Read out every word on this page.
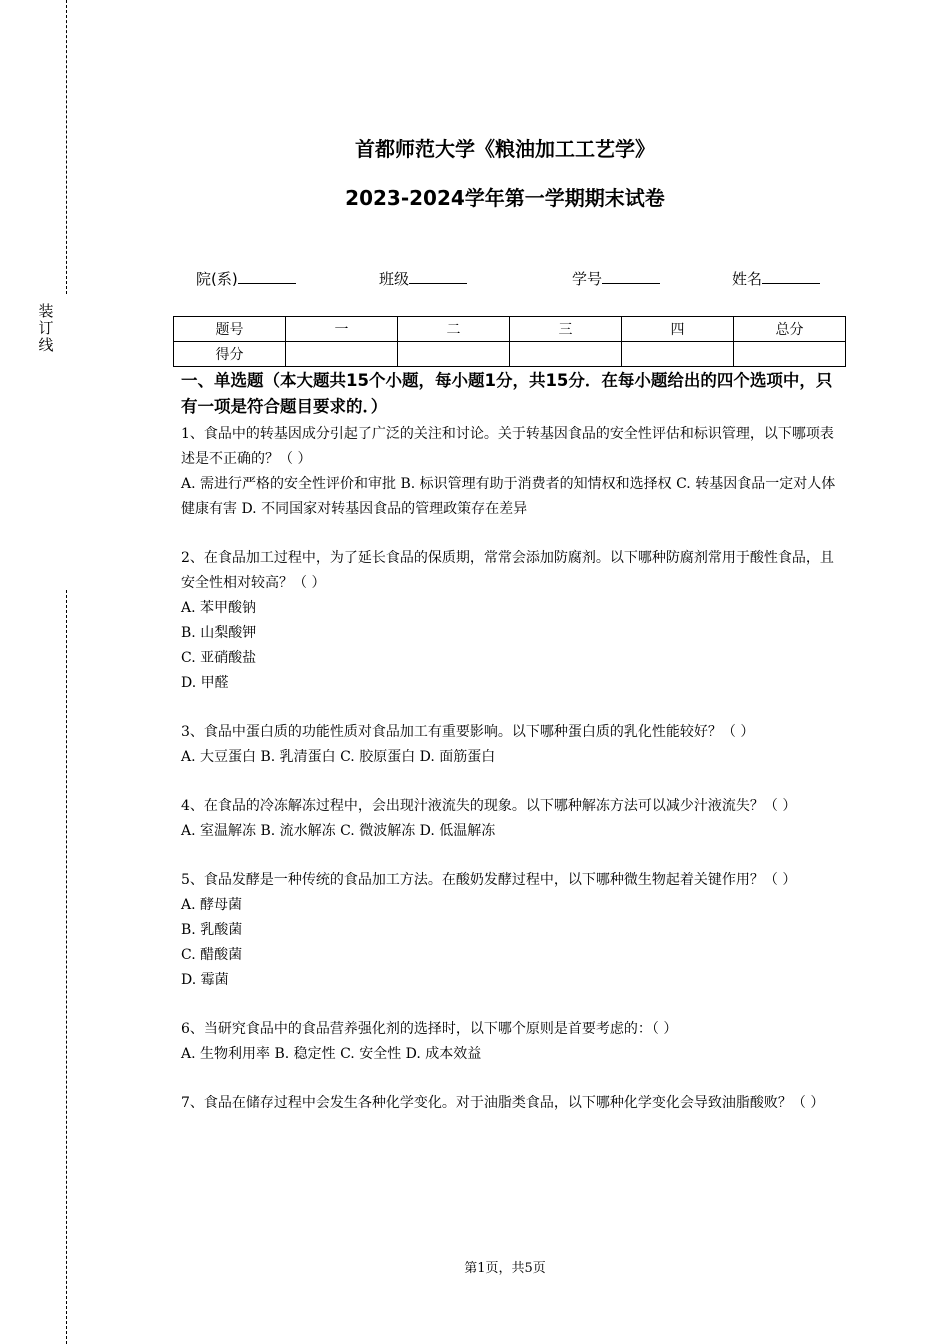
装订线
首都师范大学《粮油加工工艺学》
2023-2024学年第一学期期末试卷
院(系)	班级	学号	姓名
题号	一	二	三	四	总分
得分					

一、单选题（本大题共15个小题，每小题1分，共15分．在每小题给出的四个选项中，只有一项是符合题目要求的．）

1、食品中的转基因成分引起了广泛的关注和讨论。关于转基因食品的安全性评估和标识管理，以下哪项表述是不正确的？（ ）

A. 需进行严格的安全性评价和审批 B. 标识管理有助于消费者的知情权和选择权 C. 转基因食品一定对人体健康有害 D. 不同国家对转基因食品的管理政策存在差异

2、在食品加工过程中，为了延长食品的保质期，常常会添加防腐剂。以下哪种防腐剂常用于酸性食品，且安全性相对较高？（ ）

A. 苯甲酸钠

B. 山梨酸钾

C. 亚硝酸盐

D. 甲醛

3、食品中蛋白质的功能性质对食品加工有重要影响。以下哪种蛋白质的乳化性能较好？（ ）

A. 大豆蛋白 B. 乳清蛋白 C. 胶原蛋白 D. 面筋蛋白

4、在食品的冷冻解冻过程中，会出现汁液流失的现象。以下哪种解冻方法可以减少汁液流失？（ ）

A. 室温解冻 B. 流水解冻 C. 微波解冻 D. 低温解冻

5、食品发酵是一种传统的食品加工方法。在酸奶发酵过程中，以下哪种微生物起着关键作用？（ ）

A. 酵母菌

B. 乳酸菌

C. 醋酸菌

D. 霉菌

6、当研究食品中的食品营养强化剂的选择时，以下哪个原则是首要考虑的：（ ）

A. 生物利用率 B. 稳定性 C. 安全性 D. 成本效益

7、食品在储存过程中会发生各种化学变化。对于油脂类食品，以下哪种化学变化会导致油脂酸败？（ ）

第1页，共5页
